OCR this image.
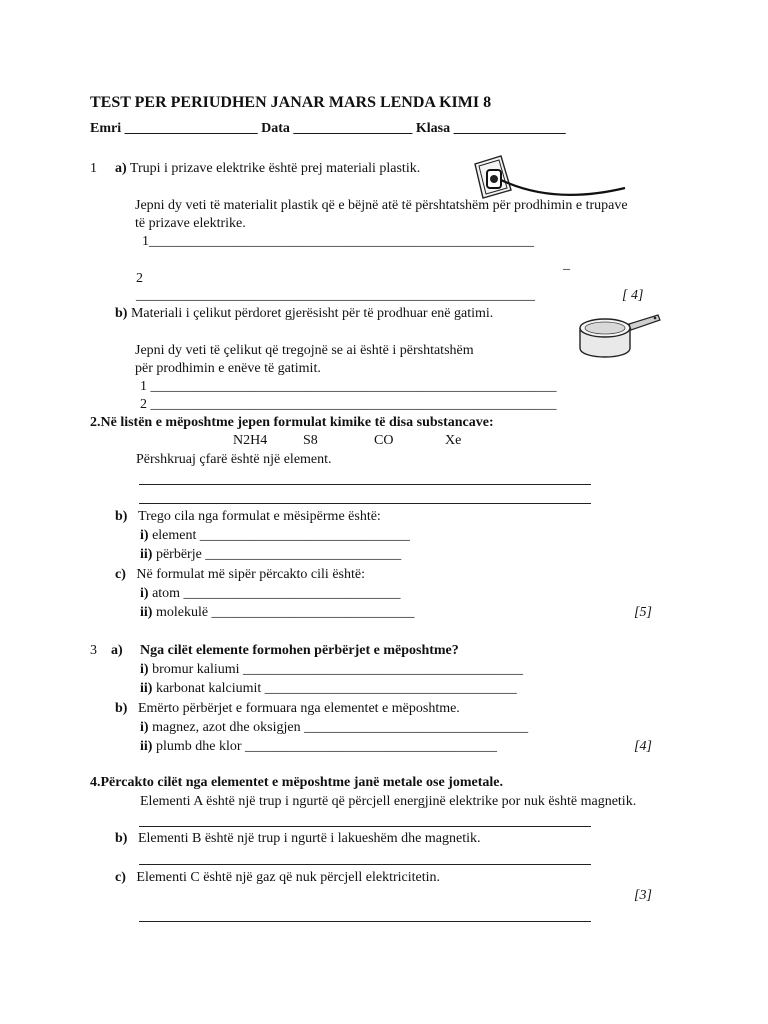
TEST PER PERIUDHEN JANAR MARS LENDA KIMI 8
Emri ___________________ Data _________________ Klasa ________________
1 a) Trupi i prizave elektrike është prej materiali plastik.
Jepni dy veti të materialit plastik që e bëjnë atë të përshtatshëm për prodhimin e trupave
të prizave elektrike.
1_______________________________________________________
_
2
_________________________________________________________	[ 4]
b) Materiali i çelikut përdoret gjerësisht për të prodhuar enë gatimi.
Jepni dy veti të çelikut që tregojnë se ai është i përshtatshëm
për prodhimin e enëve të gatimit.
1 __________________________________________________________
2 __________________________________________________________
2.Në listën e mëposhtme jepen formulat kimike të disa substancave:
N2H4	S8	CO	Xe
Përshkruaj çfarë është një element.
b) Trego cila nga formulat e mësipërme është:
i) element ______________________________
ii) përbërje ____________________________
c) Në formulat më sipër përcakto cili është:
i) atom _______________________________
ii) molekulë _____________________________	[5]
3 a) Nga cilët elemente formohen përbërjet e mëposhtme?
i) bromur kaliumi ________________________________________
ii) karbonat kalciumit ____________________________________
b) Emërto përbërjet e formuara nga elementet e mëposhtme.
i) magnez, azot dhe oksigjen ________________________________
ii) plumb dhe klor ____________________________________	[4]
4.Përcakto cilët nga elementet e mëposhtme janë metale ose jometale.
Elementi A është një trup i ngurtë që përcjell energjinë elektrike por nuk është magnetik.
b) Elementi B është një trup i ngurtë i lakueshëm dhe magnetik.
c) Elementi C është një gaz që nuk përcjell elektricitetin.
[3]
